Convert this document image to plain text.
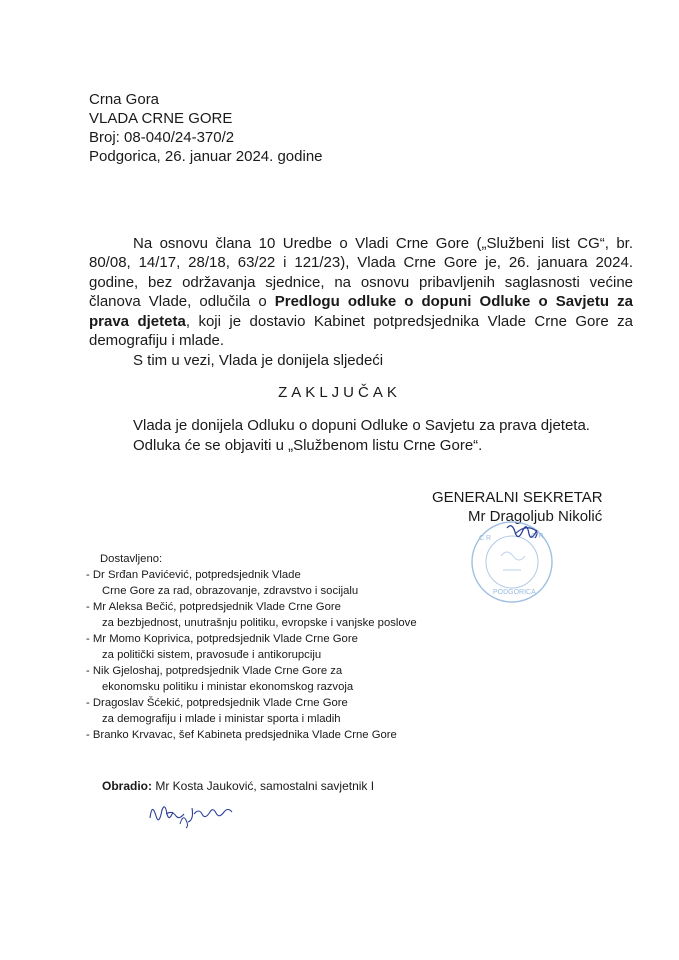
Crna Gora
VLADA CRNE GORE
Broj: 08-040/24-370/2
Podgorica, 26. januar 2024. godine

Na osnovu člana 10 Uredbe o Vladi Crne Gore („Službeni list CG“, br. 80/08, 14/17, 28/18, 63/22 i 121/23), Vlada Crne Gore je, 26. januara 2024. godine, bez održavanja sjednice, na osnovu pribavljenih saglasnosti većine članova Vlade, odlučila o Predlogu odluke o dopuni Odluke o Savjetu za prava djeteta, koji je dostavio Kabinet potpredsjednika Vlade Crne Gore za demografiju i mlade.

S tim u vezi, Vlada je donijela sljedeći

ZAKLJUČAK
Vlada je donijela Odluku o dopuni Odluke o Savjetu za prava djeteta.
Odluka će se objaviti u „Službenom listu Crne Gore“.
GENERALNI SEKRETAR
Mr Dragoljub Nikolić
C R	O R
PODGORICA
Dostavljeno:
- Dr Srđan Pavićević, potpredsjednik Vlade
Crne Gore za rad, obrazovanje, zdravstvo i socijalu
- Mr Aleksa Bečić, potpredsjednik Vlade Crne Gore
za bezbjednost, unutrašnju politiku, evropske i vanjske poslove
- Mr Momo Koprivica, potpredsjednik Vlade Crne Gore
za politički sistem, pravosuđe i antikorupciju
- Nik Gjeloshaj, potpredsjednik Vlade Crne Gore za
ekonomsku politiku i ministar ekonomskog razvoja
- Dragoslav Šćekić, potpredsjednik Vlade Crne Gore
za demografiju i mlade i ministar sporta i mladih
- Branko Krvavac, šef Kabineta predsjednika Vlade Crne Gore
Obradio: Mr Kosta Jauković, samostalni savjetnik I
